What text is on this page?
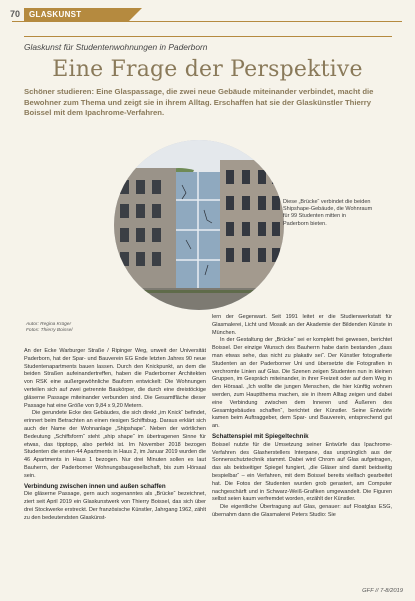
70	GLASKUNST
Glaskunst für Studentenwohnungen in Paderborn
Eine Frage der Perspektive
Schöner studieren: Eine Glaspassage, die zwei neue Gebäude miteinander verbindet, macht die Bewohner zum Thema und zeigt sie in ihrem Alltag. Erschaffen hat sie der Glaskünstler Thierry Boissel mit dem Ipachrome-Verfahren.
Diese „Brücke“ verbindet die beiden Shipshape-Gebäude, die Wohnraum für 99 Studenten mitten in Paderborn bieten.
Autor: Regina Krüger
Fotos: Thierry Boissel

An der Ecke Warburger Straße / Ripinger Weg, unweit der Universität Paderborn, hat der Spar- und Bauverein EG Ende letzten Jahres 90 neue Studentenapartments bauen lassen. Durch den Knickpunkt, an dem die beiden Straßen aufeinandertreffen, haben die Paderborner Architekten von RSK eine außergewöhnliche Bauform entwickelt: Die Wohnungen verteilen sich auf zwei getrennte Baukörper, die durch eine dreistöckige gläserne Passage miteinander verbunden sind. Die Gesamtfläche dieser Passage hat eine Größe von 9,84 x 9,20 Metern.

Die gerundete Ecke des Gebäudes, die sich direkt „im Knick“ befindet, erinnert beim Betrachten an einen riesigen Schiffsbug. Daraus erklärt sich auch der Name der Wohnanlage „Shipshape“. Neben der wörtlichen Bedeutung „Schiffsform“ steht „ship shape“ im übertragenen Sinne für etwas, das tipptopp, also perfekt ist. Im November 2018 bezogen Studenten die ersten 44 Apartments in Haus 2, im Januar 2019 wurden die 46 Apartments in Haus 1 bezogen. Nur drei Minuten sollen es laut Bauherrn, der Paderborner Wohnungsbaugesellschaft, bis zum Hörsaal sein.

Verbindung zwischen innen und außen schaffen

Die gläserne Passage, gern auch sogenanntes als „Brücke“ bezeichnet, ziert seit April 2019 ein Glaskunstwerk von Thierry Boissel, das sich über drei Stockwerke erstreckt. Der französische Künstler, Jahrgang 1962, zählt zu den bedeutendsten Glaskünst-

lern der Gegenwart. Seit 1991 leitet er die Studienwerkstatt für Glasmalerei, Licht und Mosaik an der Akademie der Bildenden Künste in München.

In der Gestaltung der „Brücke“ sei er komplett frei gewesen, berichtet Boissel. Der einzige Wunsch des Bauherrn habe darin bestanden „dass man etwas sehe, das nicht zu plakativ sei“. Der Künstler fotografierte Studenten an der Paderborner Uni und übersetzte die Fotografien in verchromte Linien auf Glas. Die Szenen zeigen Studenten nun in kleinen Gruppen, im Gespräch miteinander, in ihrer Freizeit oder auf dem Weg in den Hörsaal. „Ich wollte die jungen Menschen, die hier künftig wohnen werden, zum Hauptthema machen, sie in ihrem Alltag zeigen und dabei eine Verbindung zwischen dem Inneren und Äußeren des Gesamtgebäudes schaffen“, berichtet der Künstler. Seine Entwürfe kamen beim Auftraggeber, dem Spar- und Bauverein, entsprechend gut an.

Schattenspiel mit Spiegeltechnik

Boissel nutzte für die Umsetzung seiner Entwürfe das Ipachrome-Verfahren des Glasherstellers Interpane, das ursprünglich aus der Sonnenschutztechnik stammt. Dabei wird Chrom auf Glas aufgetragen, das als beidseitiger Spiegel fungiert, „die Gläser sind damit beidseitig bespielbar“ – ein Verfahren, mit dem Boissel bereits vielfach gearbeitet hat. Die Fotos der Studenten wurden grob gerastert, am Computer nachgeschärft und in Schwarz-Weiß-Grafiken umgewandelt. Die Figuren selbst seien kaum verfremdet worden, erzählt der Künstler.

Die eigentliche Übertragung auf Glas, genauer: auf Floatglas ESG, übernahm dann die Glasmalerei Peters Studio: Sie

GFF // 7-8/2019
